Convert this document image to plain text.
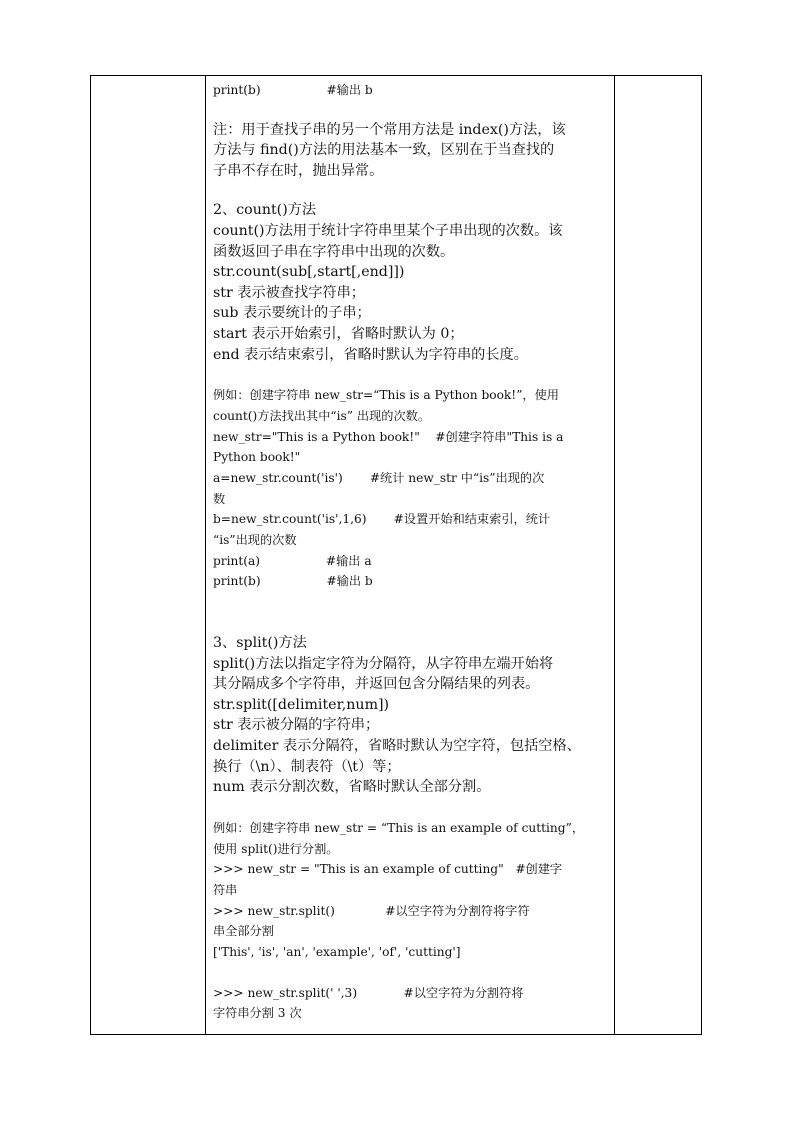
print(b)                 #输出 b
注：用于查找子串的另一个常用方法是 index()方法，该
方法与 find()方法的用法基本一致，区别在于当查找的
子串不存在时，抛出异常。
2、count()方法
count()方法用于统计字符串里某个子串出现的次数。该
函数返回子串在字符串中出现的次数。
str.count(sub[,start[,end]])
str 表示被查找字符串；
sub 表示要统计的子串；
start 表示开始索引，省略时默认为 0；
end 表示结束索引，省略时默认为字符串的长度。
例如：创建字符串 new_str=“This is a Python book!”，使用
count()方法找出其中“is” 出现的次数。
new_str="This is a Python book!"    #创建字符串"This is a
Python book!"
a=new_str.count('is')       #统计 new_str 中“is”出现的次
数
b=new_str.count('is',1,6)       #设置开始和结束索引，统计
“is”出现的次数
print(a)                 #输出 a
print(b)                 #输出 b
3、split()方法
split()方法以指定字符为分隔符，从字符串左端开始将
其分隔成多个字符串，并返回包含分隔结果的列表。
str.split([delimiter,num])
str 表示被分隔的字符串；
delimiter 表示分隔符，省略时默认为空字符，包括空格、
换行（\n）、制表符（\t）等；
num 表示分割次数，省略时默认全部分割。
例如：创建字符串 new_str = “This is an example of cutting”，
使用 split()进行分割。
>>> new_str = "This is an example of cutting"   #创建字
符串
>>> new_str.split()             #以空字符为分割符将字符
串全部分割
['This', 'is', 'an', 'example', 'of', 'cutting']
>>> new_str.split(' ',3)            #以空字符为分割符将
字符串分割 3 次
